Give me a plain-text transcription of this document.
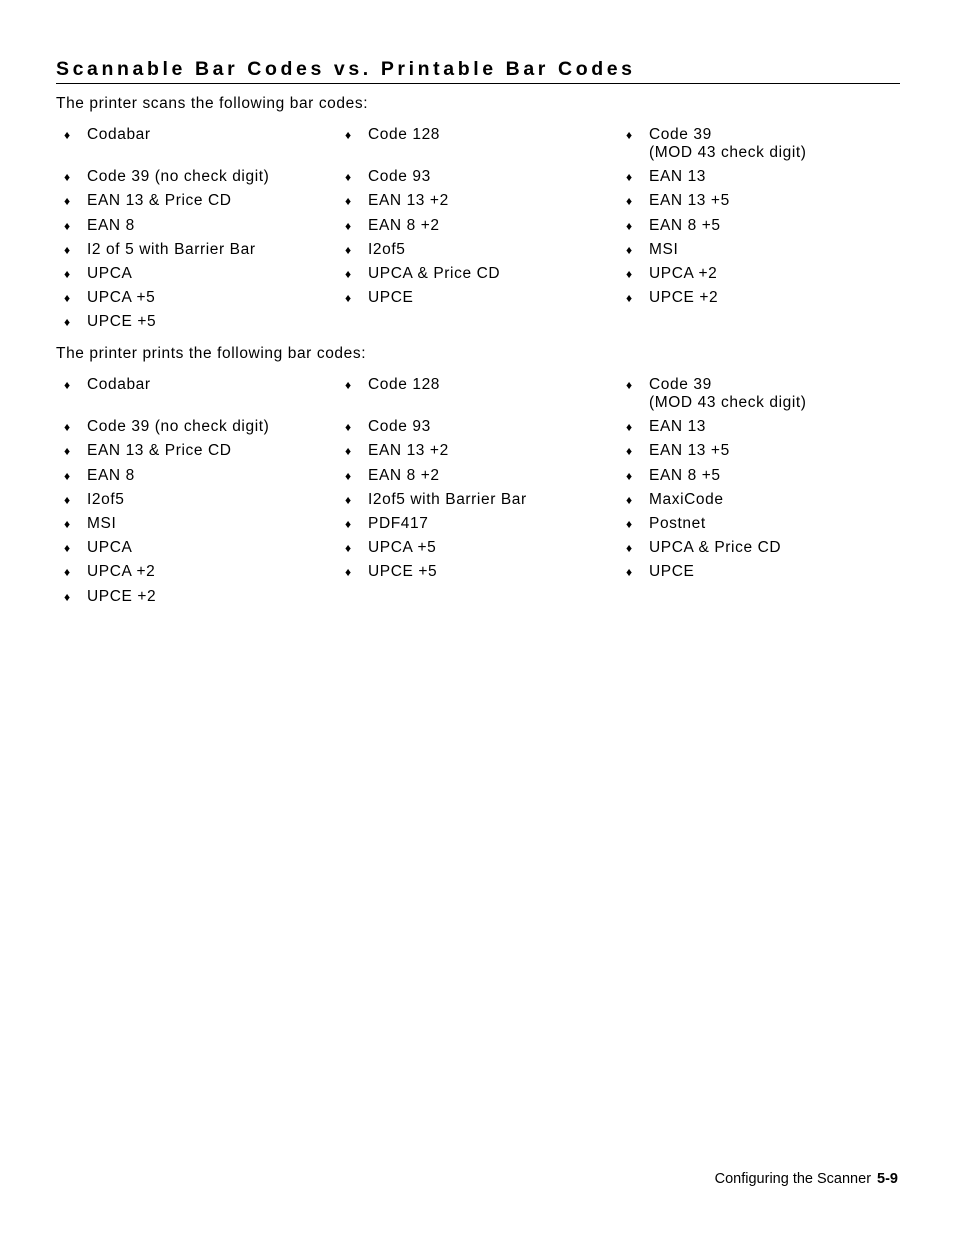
Scannable Bar Codes vs. Printable Bar Codes
The printer scans the following bar codes:
♦	Codabar	♦	Code 128	♦	Code 39
(MOD 43 check digit)
♦	Code 39 (no check digit)	♦	Code 93	♦	EAN 13
♦	EAN 13 & Price CD	♦	EAN 13 +2	♦	EAN 13 +5
♦	EAN 8	♦	EAN 8 +2	♦	EAN 8 +5
♦	I2 of 5 with Barrier Bar	♦	I2of5	♦	MSI
♦	UPCA	♦	UPCA & Price CD	♦	UPCA +2
♦	UPCA +5	♦	UPCE	♦	UPCE +2
♦	UPCE +5
The printer prints the following bar codes:
♦	Codabar	♦	Code 128	♦	Code 39
(MOD 43 check digit)
♦	Code 39 (no check digit)	♦	Code 93	♦	EAN 13
♦	EAN 13 & Price CD	♦	EAN 13 +2	♦	EAN 13 +5
♦	EAN 8	♦	EAN 8 +2	♦	EAN 8 +5
♦	I2of5	♦	I2of5 with Barrier Bar	♦	MaxiCode
♦	MSI	♦	PDF417	♦	Postnet
♦	UPCA	♦	UPCA +5	♦	UPCA & Price CD
♦	UPCA +2	♦	UPCE +5	♦	UPCE
♦	UPCE +2
Configuring the Scanner 5-9
